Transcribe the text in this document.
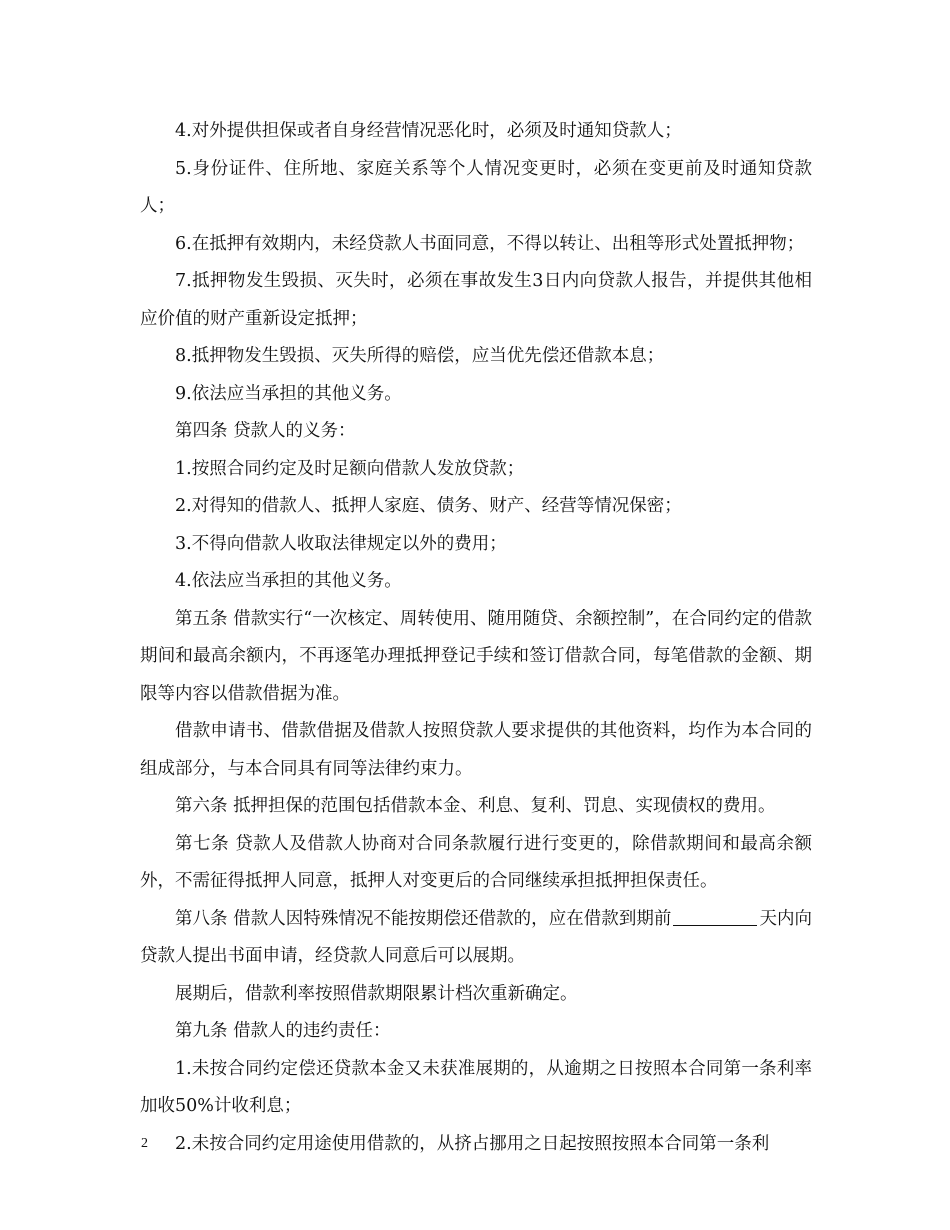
4.对外提供担保或者自身经营情况恶化时，必须及时通知贷款人；

5.身份证件、住所地、家庭关系等个人情况变更时，必须在变更前及时通知贷款人；

6.在抵押有效期内，未经贷款人书面同意，不得以转让、出租等形式处置抵押物；

7.抵押物发生毁损、灭失时，必须在事故发生3日内向贷款人报告，并提供其他相应价值的财产重新设定抵押；

8.抵押物发生毁损、灭失所得的赔偿，应当优先偿还借款本息；

9.依法应当承担的其他义务。

第四条 贷款人的义务：

1.按照合同约定及时足额向借款人发放贷款；

2.对得知的借款人、抵押人家庭、债务、财产、经营等情况保密；

3.不得向借款人收取法律规定以外的费用；

4.依法应当承担的其他义务。

第五条 借款实行“一次核定、周转使用、随用随贷、余额控制”，在合同约定的借款期间和最高余额内，不再逐笔办理抵押登记手续和签订借款合同，每笔借款的金额、期限等内容以借款借据为准。

借款申请书、借款借据及借款人按照贷款人要求提供的其他资料，均作为本合同的组成部分，与本合同具有同等法律约束力。

第六条 抵押担保的范围包括借款本金、利息、复利、罚息、实现债权的费用。

第七条 贷款人及借款人协商对合同条款履行进行变更的，除借款期间和最高余额外，不需征得抵押人同意，抵押人对变更后的合同继续承担抵押担保责任。

第八条 借款人因特殊情况不能按期偿还借款的，应在借款到期前	天内向贷款人提出书面申请，经贷款人同意后可以展期。

展期后，借款利率按照借款期限累计档次重新确定。

第九条 借款人的违约责任：

1.未按合同约定偿还贷款本金又未获准展期的，从逾期之日按照本合同第一条利率加收50%计收利息；

2.未按合同约定用途使用借款的，从挤占挪用之日起按照按照本合同第一条利

2
